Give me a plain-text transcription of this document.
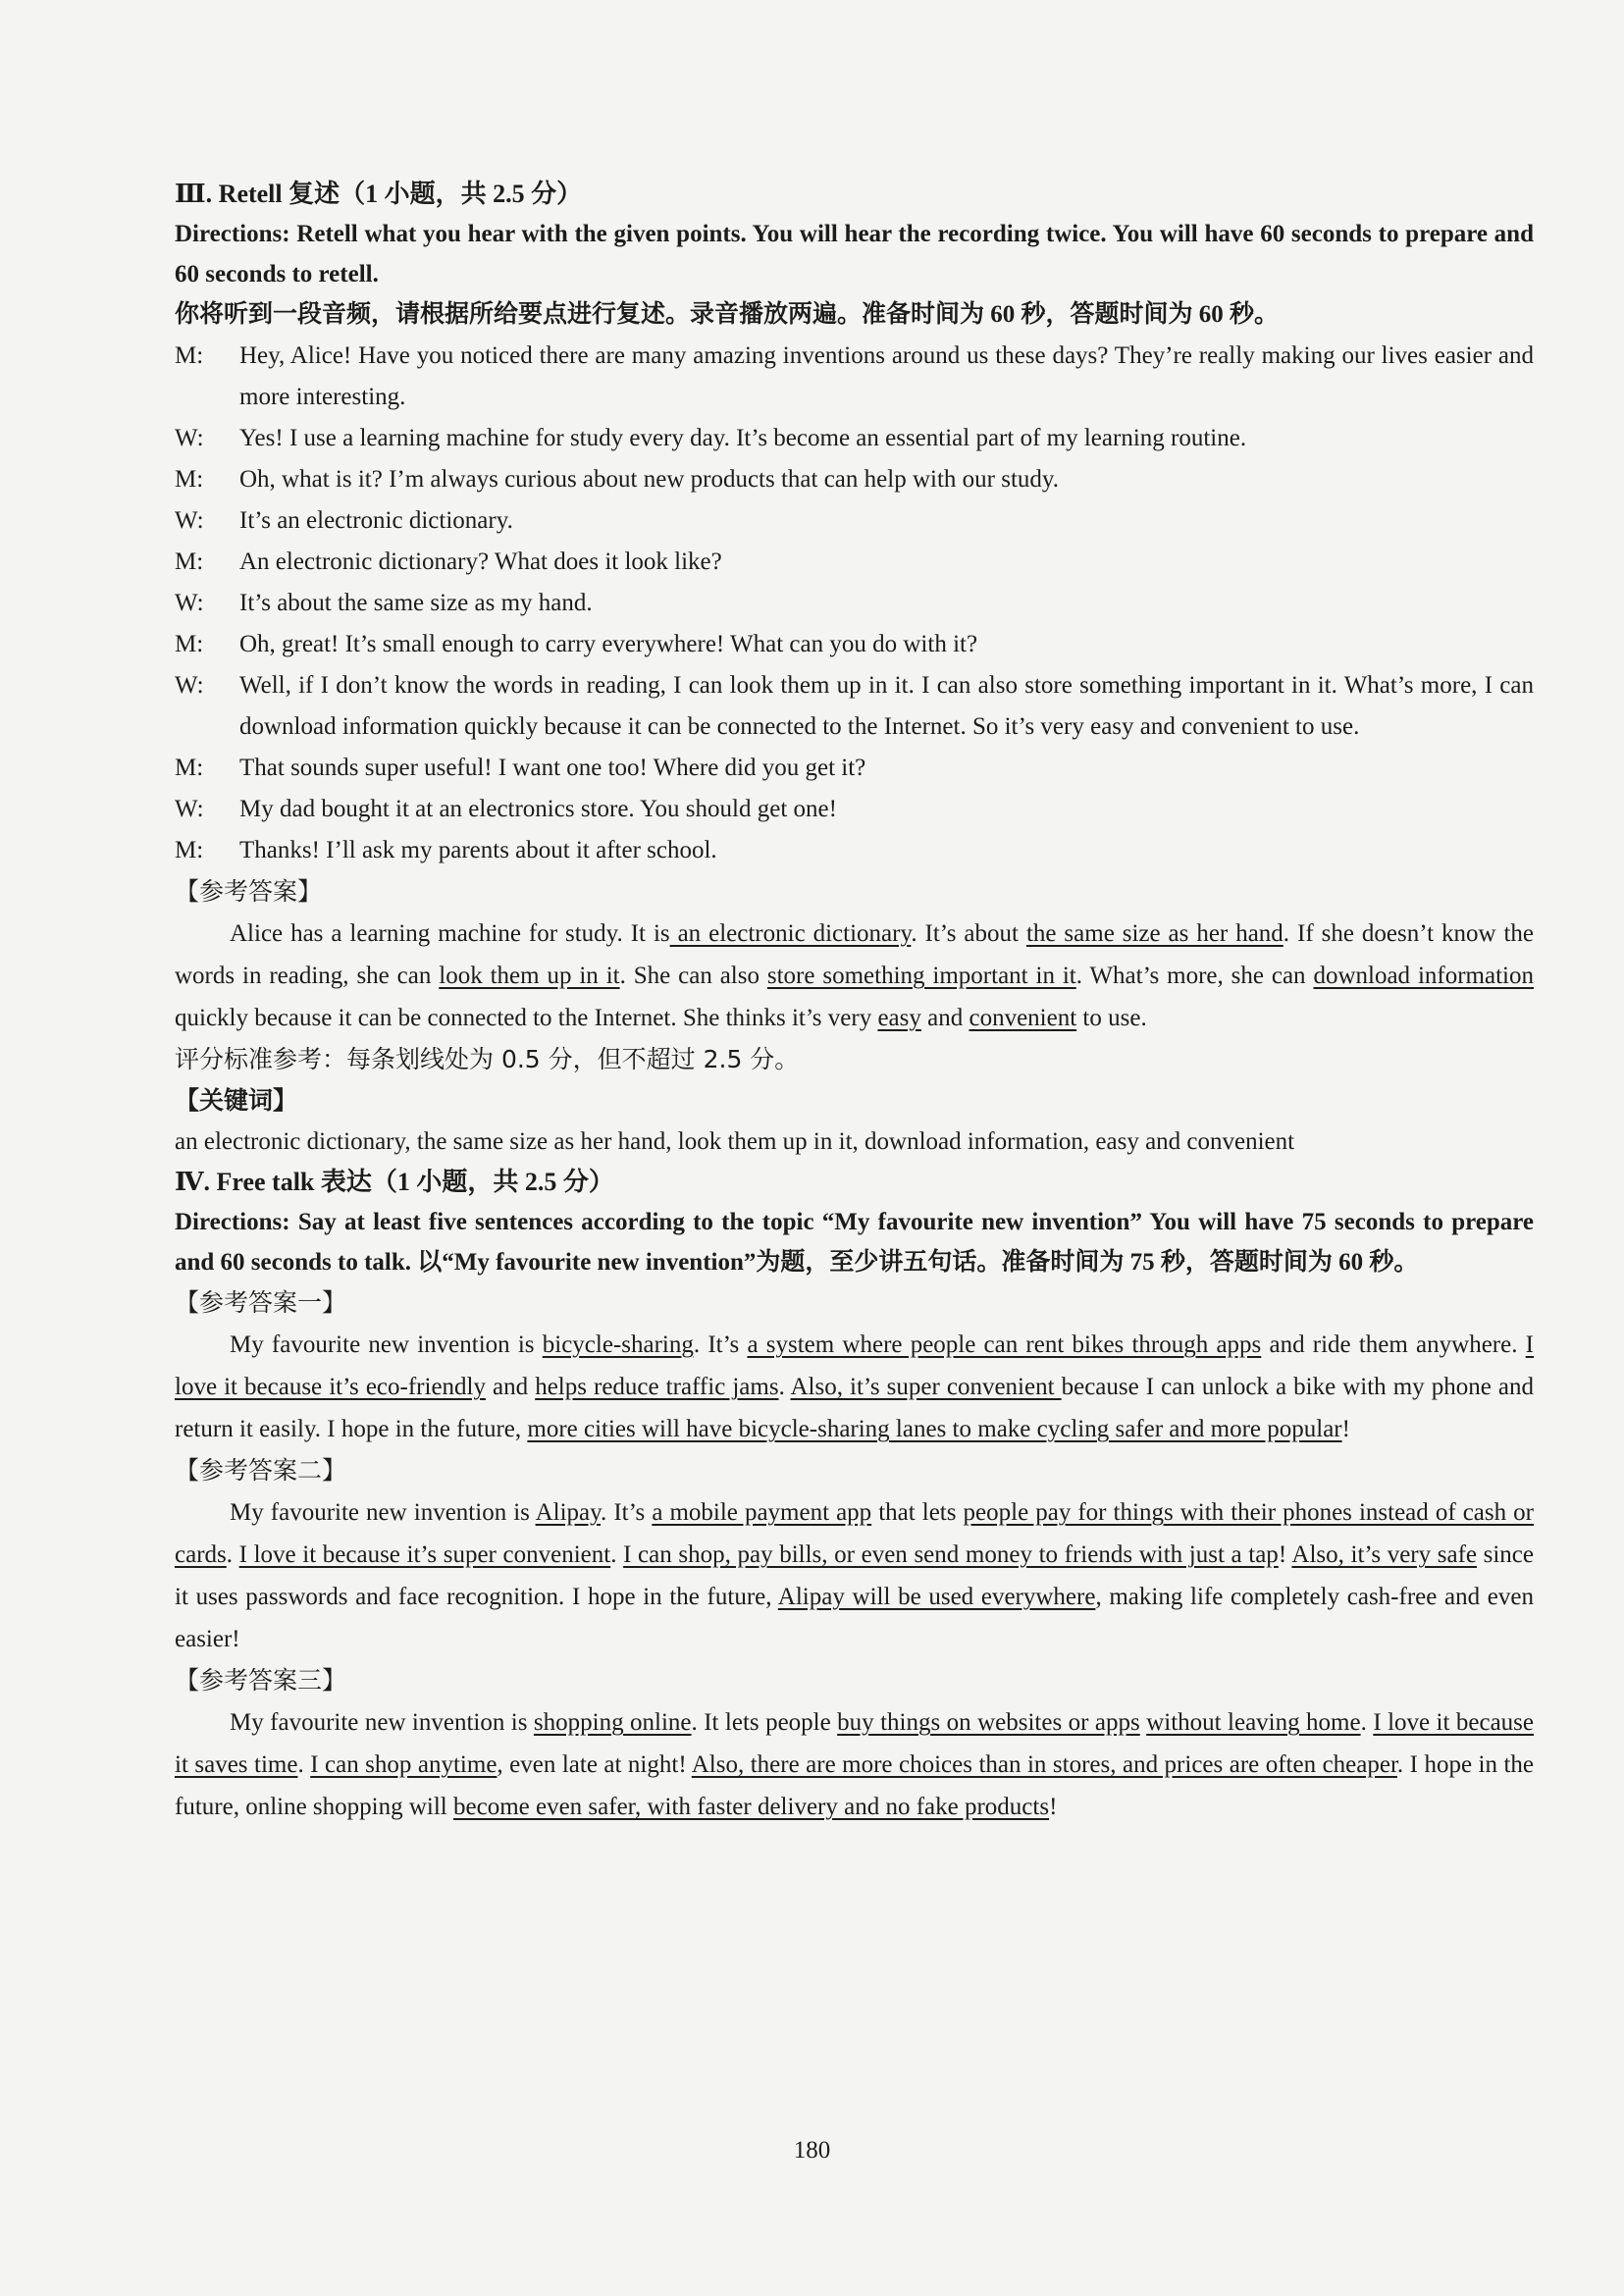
Ⅲ. Retell 复述（1 小题，共 2.5 分）

Directions: Retell what you hear with the given points. You will hear the recording twice. You will have 60 seconds to prepare and 60 seconds to retell.

你将听到一段音频，请根据所给要点进行复述。录音播放两遍。准备时间为 60 秒，答题时间为 60 秒。

M:	Hey, Alice! Have you noticed there are many amazing inventions around us these days? They’re really making our lives easier and more interesting.
W:	Yes! I use a learning machine for study every day. It’s become an essential part of my learning routine.
M:	Oh, what is it? I’m always curious about new products that can help with our study.
W:	It’s an electronic dictionary.
M:	An electronic dictionary? What does it look like?
W:	It’s about the same size as my hand.
M:	Oh, great! It’s small enough to carry everywhere! What can you do with it?
W:	Well, if I don’t know the words in reading, I can look them up in it. I can also store something important in it. What’s more, I can download information quickly because it can be connected to the Internet. So it’s very easy and convenient to use.
M:	That sounds super useful! I want one too! Where did you get it?
W:	My dad bought it at an electronics store. You should get one!
M:	Thanks! I’ll ask my parents about it after school.

【参考答案】

Alice has a learning machine for study. It is an electronic dictionary. It’s about the same size as her hand. If she doesn’t know the words in reading, she can look them up in it. She can also store something important in it. What’s more, she can download information quickly because it can be connected to the Internet. She thinks it’s very easy and convenient to use.

评分标准参考：每条划线处为 0.5 分，但不超过 2.5 分。

【关键词】

an electronic dictionary, the same size as her hand, look them up in it, download information, easy and convenient

Ⅳ. Free talk 表达（1 小题，共 2.5 分）

Directions: Say at least five sentences according to the topic “My favourite new invention” You will have 75 seconds to prepare and 60 seconds to talk. 以“My favourite new invention”为题，至少讲五句话。准备时间为 75 秒，答题时间为 60 秒。

【参考答案一】

My favourite new invention is bicycle-sharing. It’s a system where people can rent bikes through apps and ride them anywhere. I love it because it’s eco-friendly and helps reduce traffic jams. Also, it’s super convenient because I can unlock a bike with my phone and return it easily. I hope in the future, more cities will have bicycle-sharing lanes to make cycling safer and more popular!

【参考答案二】

My favourite new invention is Alipay. It’s a mobile payment app that lets people pay for things with their phones instead of cash or cards. I love it because it’s super convenient. I can shop, pay bills, or even send money to friends with just a tap! Also, it’s very safe since it uses passwords and face recognition. I hope in the future, Alipay will be used everywhere, making life completely cash-free and even easier!

【参考答案三】

My favourite new invention is shopping online. It lets people buy things on websites or apps without leaving home. I love it because it saves time. I can shop anytime, even late at night! Also, there are more choices than in stores, and prices are often cheaper. I hope in the future, online shopping will become even safer, with faster delivery and no fake products!

180
